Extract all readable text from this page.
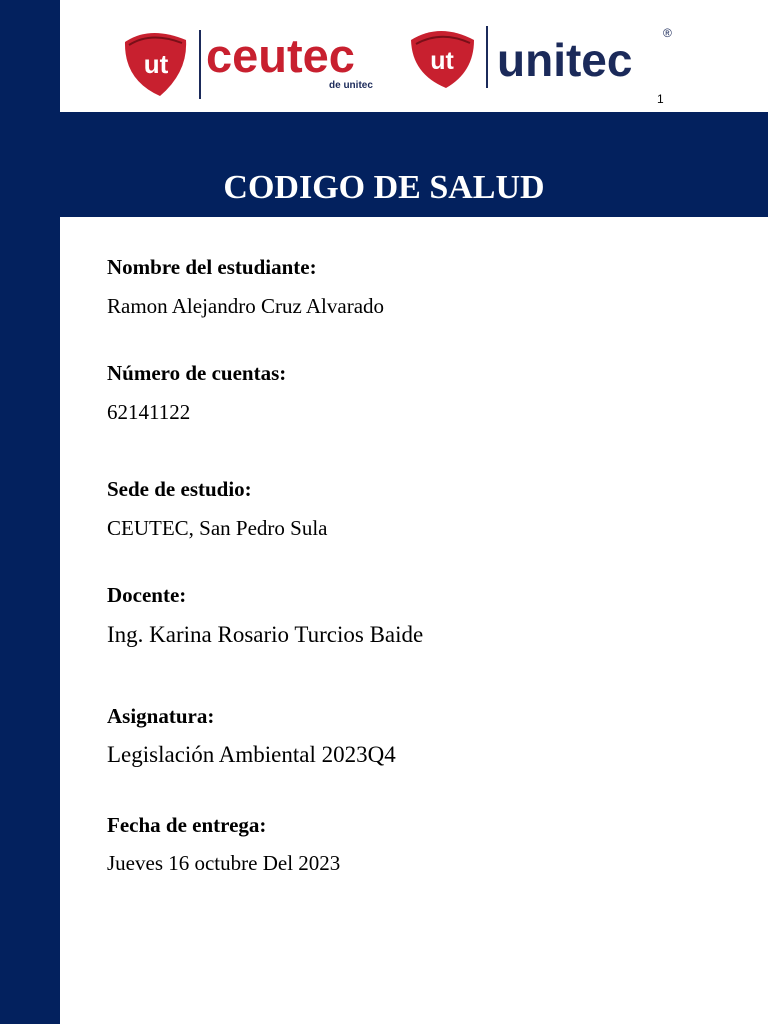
ut ceutec
de unitec
ut unitec
®
1
CODIGO DE SALUD
Nombre del estudiante:
Ramon Alejandro Cruz Alvarado
Número de cuentas:
62141122
Sede de estudio:
CEUTEC, San Pedro Sula
Docente:
Ing. Karina Rosario Turcios Baide
Asignatura:
Legislación Ambiental 2023Q4
Fecha de entrega:
Jueves 16 octubre Del 2023
